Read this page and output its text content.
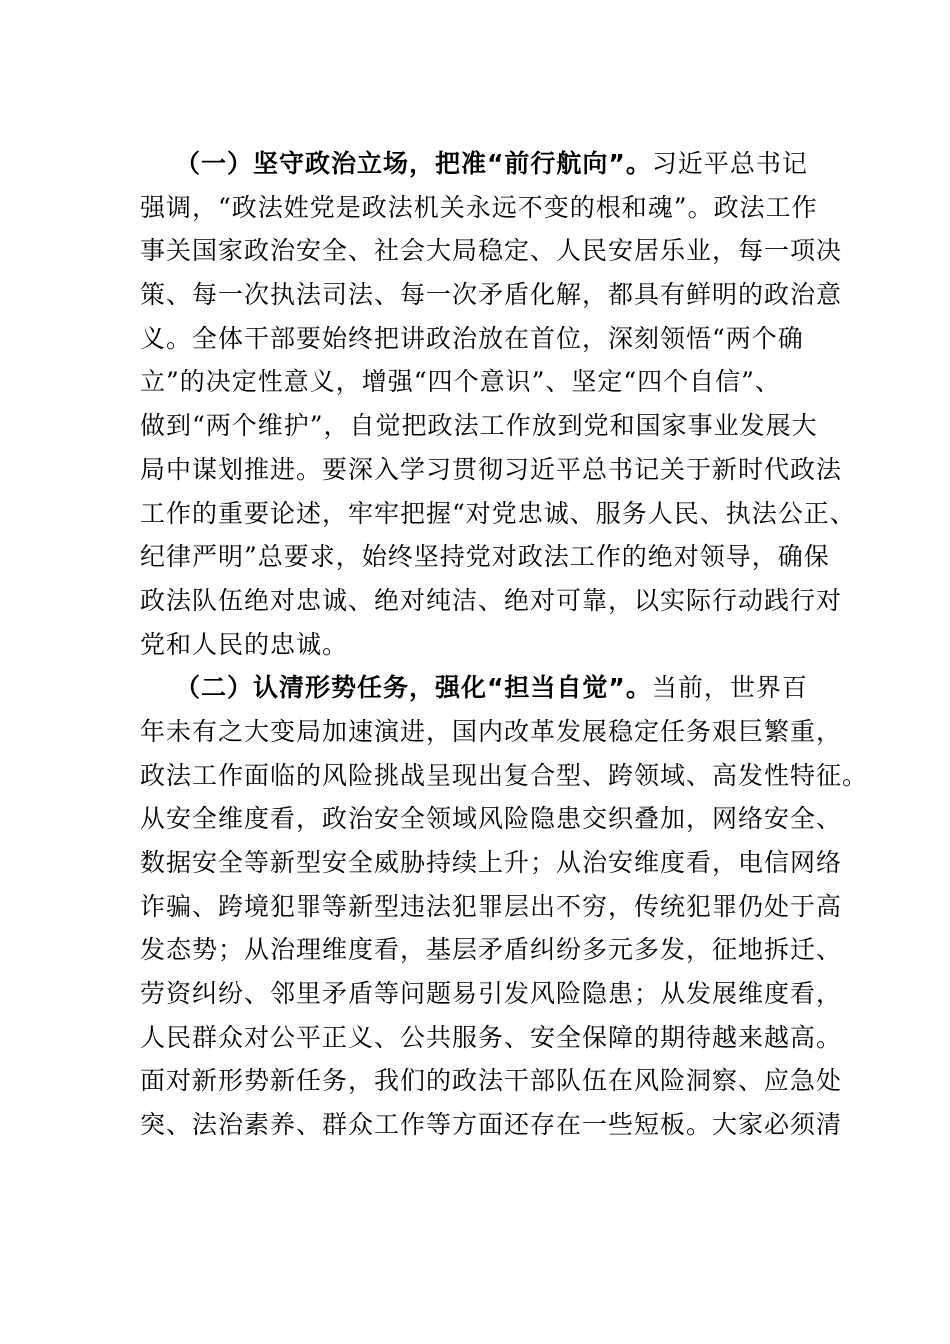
（一）坚守政治立场，把准“前行航向”。习近平总书记
强调，“政法姓党是政法机关永远不变的根和魂”。政法工作
事关国家政治安全、社会大局稳定、人民安居乐业，每一项决
策、每一次执法司法、每一次矛盾化解，都具有鲜明的政治意
义。全体干部要始终把讲政治放在首位，深刻领悟“两个确
立”的决定性意义，增强“四个意识”、坚定“四个自信”、
做到“两个维护”，自觉把政法工作放到党和国家事业发展大
局中谋划推进。要深入学习贯彻习近平总书记关于新时代政法
工作的重要论述，牢牢把握“对党忠诚、服务人民、执法公正、
纪律严明”总要求，始终坚持党对政法工作的绝对领导，确保
政法队伍绝对忠诚、绝对纯洁、绝对可靠，以实际行动践行对
党和人民的忠诚。
（二）认清形势任务，强化“担当自觉”。当前，世界百
年未有之大变局加速演进，国内改革发展稳定任务艰巨繁重，
政法工作面临的风险挑战呈现出复合型、跨领域、高发性特征。
从安全维度看，政治安全领域风险隐患交织叠加，网络安全、
数据安全等新型安全威胁持续上升；从治安维度看，电信网络
诈骗、跨境犯罪等新型违法犯罪层出不穷，传统犯罪仍处于高
发态势；从治理维度看，基层矛盾纠纷多元多发，征地拆迁、
劳资纠纷、邻里矛盾等问题易引发风险隐患；从发展维度看，
人民群众对公平正义、公共服务、安全保障的期待越来越高。
面对新形势新任务，我们的政法干部队伍在风险洞察、应急处
突、法治素养、群众工作等方面还存在一些短板。大家必须清
